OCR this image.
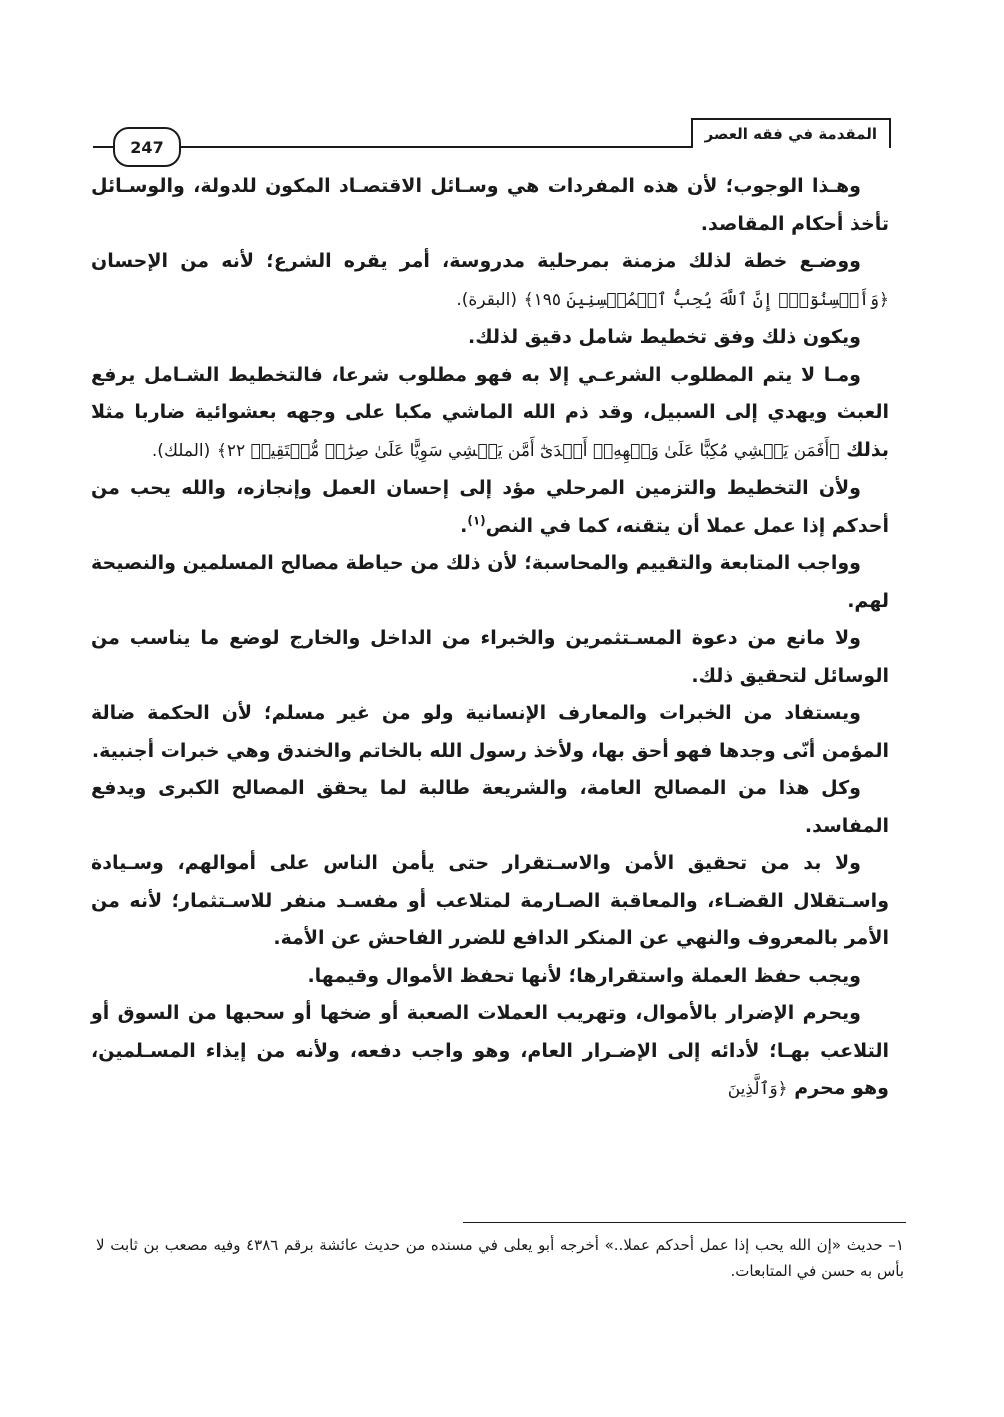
المقدمة في فقه العصر
247

وهـذا الوجوب؛ لأن هذه المفردات هي وسـائل الاقتصـاد المكون للدولة، والوسـائل تأخذ أحكام المقاصد.

ووضـع خطة لذلك مزمنة بمرحلية مدروسة، أمر يقره الشرع؛ لأنه من الإحسان ﴿وَأَحۡسِنُوٓاْۚ إِنَّ ٱللَّهَ يُحِبُّ ٱلۡمُحۡسِنِينَ ١٩٥﴾ (البقرة).

ويكون ذلك وفق تخطيط شامل دقيق لذلك.

ومـا لا يتم المطلوب الشرعـي إلا به فهو مطلوب شرعا، فالتخطيط الشـامل يرفع العبث ويهدي إلى السبيل، وقد ذم الله الماشي مكبا على وجهه بعشوائية ضاربا مثلا بذلك ﴿أَفَمَن يَمۡشِي مُكِبًّا عَلَىٰ وَجۡهِهِۦٓ أَهۡدَىٰٓ أَمَّن يَمۡشِي سَوِيًّا عَلَىٰ صِرَٰطٖ مُّسۡتَقِيمٖ ٢٢﴾ (الملك).

ولأن التخطيط والتزمين المرحلي مؤد إلى إحسان العمل وإنجازه، والله يحب من أحدكم إذا عمل عملا أن يتقنه، كما في النص$^{(١)}$.

وواجب المتابعة والتقييم والمحاسبة؛ لأن ذلك من حياطة مصالح المسلمين والنصيحة لهم.

ولا مانع من دعوة المسـتثمرين والخبراء من الداخل والخارج لوضع ما يناسب من الوسائل لتحقيق ذلك.

ويستفاد من الخبرات والمعارف الإنسانية ولو من غير مسلم؛ لأن الحكمة ضالة المؤمن أنّى وجدها فهو أحق بها، ولأخذ رسول الله بالخاتم والخندق وهي خبرات أجنبية.

وكل هذا من المصالح العامة، والشريعة طالبة لما يحقق المصالح الكبرى ويدفع المفاسد.

ولا بد من تحقيق الأمن والاسـتقرار حتى يأمن الناس على أموالهم، وسـيادة واسـتقلال القضـاء، والمعاقبة الصـارمة لمتلاعب أو مفسـد منفر للاسـتثمار؛ لأنه من الأمر بالمعروف والنهي عن المنكر الدافع للضرر الفاحش عن الأمة.

ويجب حفظ العملة واستقرارها؛ لأنها تحفظ الأموال وقيمها.

ويحرم الإضرار بالأموال، وتهريب العملات الصعبة أو ضخها أو سحبها من السوق أو التلاعب بهـا؛ لأدائه إلى الإضـرار العام، وهو واجب دفعه، ولأنه من إيذاء المسـلمين، وهو محرم ﴿وَٱلَّذِينَ

١– حديث «إن الله يحب إذا عمل أحدكم عملا..» أخرجه أبو يعلى في مسنده من حديث عائشة برقم ٤٣٨٦ وفيه مصعب بن ثابت لا بأس به حسن في المتابعات.
